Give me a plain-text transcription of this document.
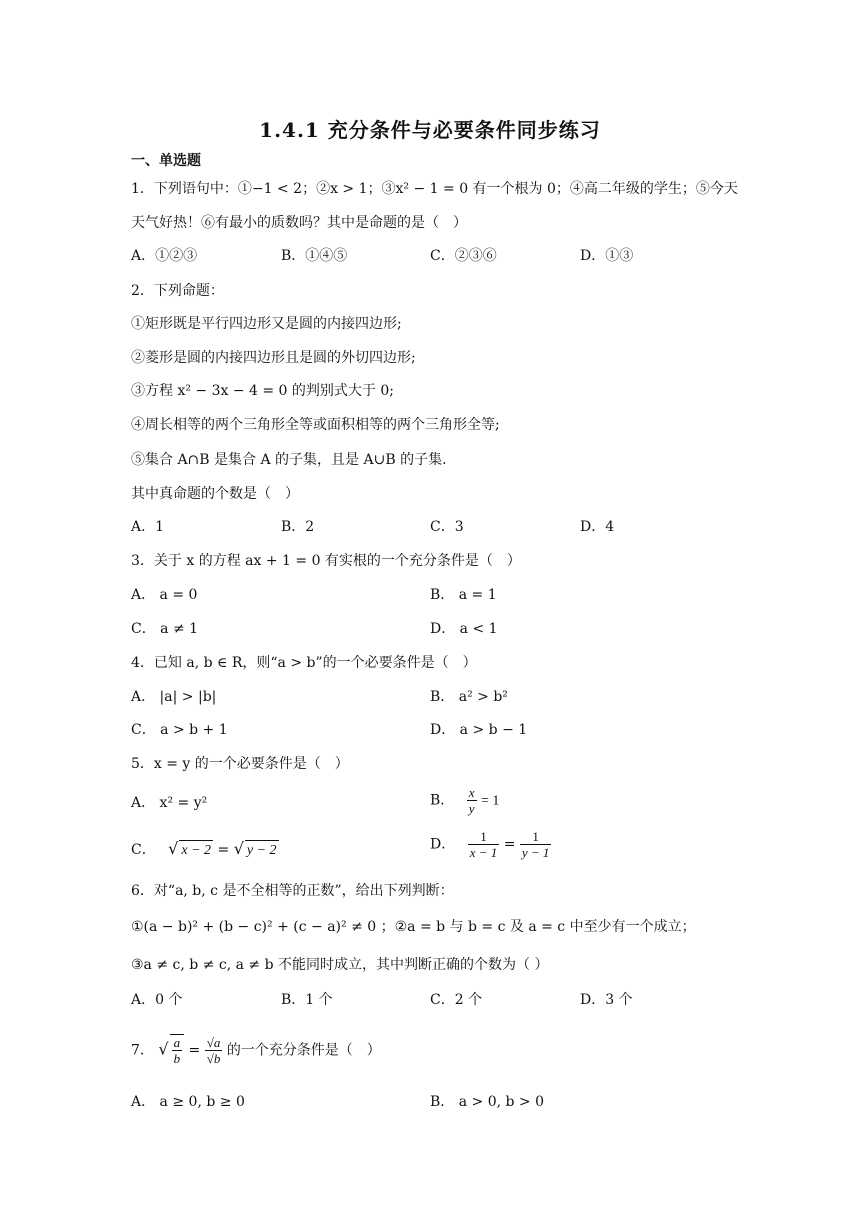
1.4.1 充分条件与必要条件同步练习
一、单选题
1．下列语句中：①−1 < 2；②x > 1；③x² − 1 = 0 有一个根为 0；④高二年级的学生；⑤今天
天气好热！⑥有最小的质数吗？其中是命题的是（　）
A．①②③	B．①④⑤	C．②③⑥	D．①③
2．下列命题：
①矩形既是平行四边形又是圆的内接四边形;
②菱形是圆的内接四边形且是圆的外切四边形;
③方程 x² − 3x − 4 = 0 的判别式大于 0;
④周长相等的两个三角形全等或面积相等的两个三角形全等;
⑤集合 A∩B 是集合 A 的子集，且是 A∪B 的子集.
其中真命题的个数是（　）
A．1	B．2	C．3	D．4
3．关于 x 的方程 ax + 1 = 0 有实根的一个充分条件是（　）
A． a = 0	B． a = 1
C． a ≠ 1	D． a < 1
4．已知 a, b ∈ R，则“a > b”的一个必要条件是（　）
A． |a| > |b|	B． a² > b²
C． a > b + 1	D． a > b − 1
5．x = y 的一个必要条件是（　）
A． x² = y²	B． $\frac{x}{y} = 1$
C． √ x − 2 = √ y − 2	D． $\frac{1}{x - 1} = \frac{1}{y - 1}$
6．对“a, b, c 是不全相等的正数”，给出下列判断：
①(a − b)² + (b − c)² + (c − a)² ≠ 0 ；②a = b 与 b = c 及 a = c 中至少有一个成立；
③a ≠ c, b ≠ c, a ≠ b 不能同时成立，其中判断正确的个数为（ ）
A．0 个	B．1 个	C．2 个	D．3 个
7． √ $\frac{a}{b} = \frac{√a}{√b}$ 的一个充分条件是（　）
A． a ≥ 0, b ≥ 0	B． a > 0, b > 0
